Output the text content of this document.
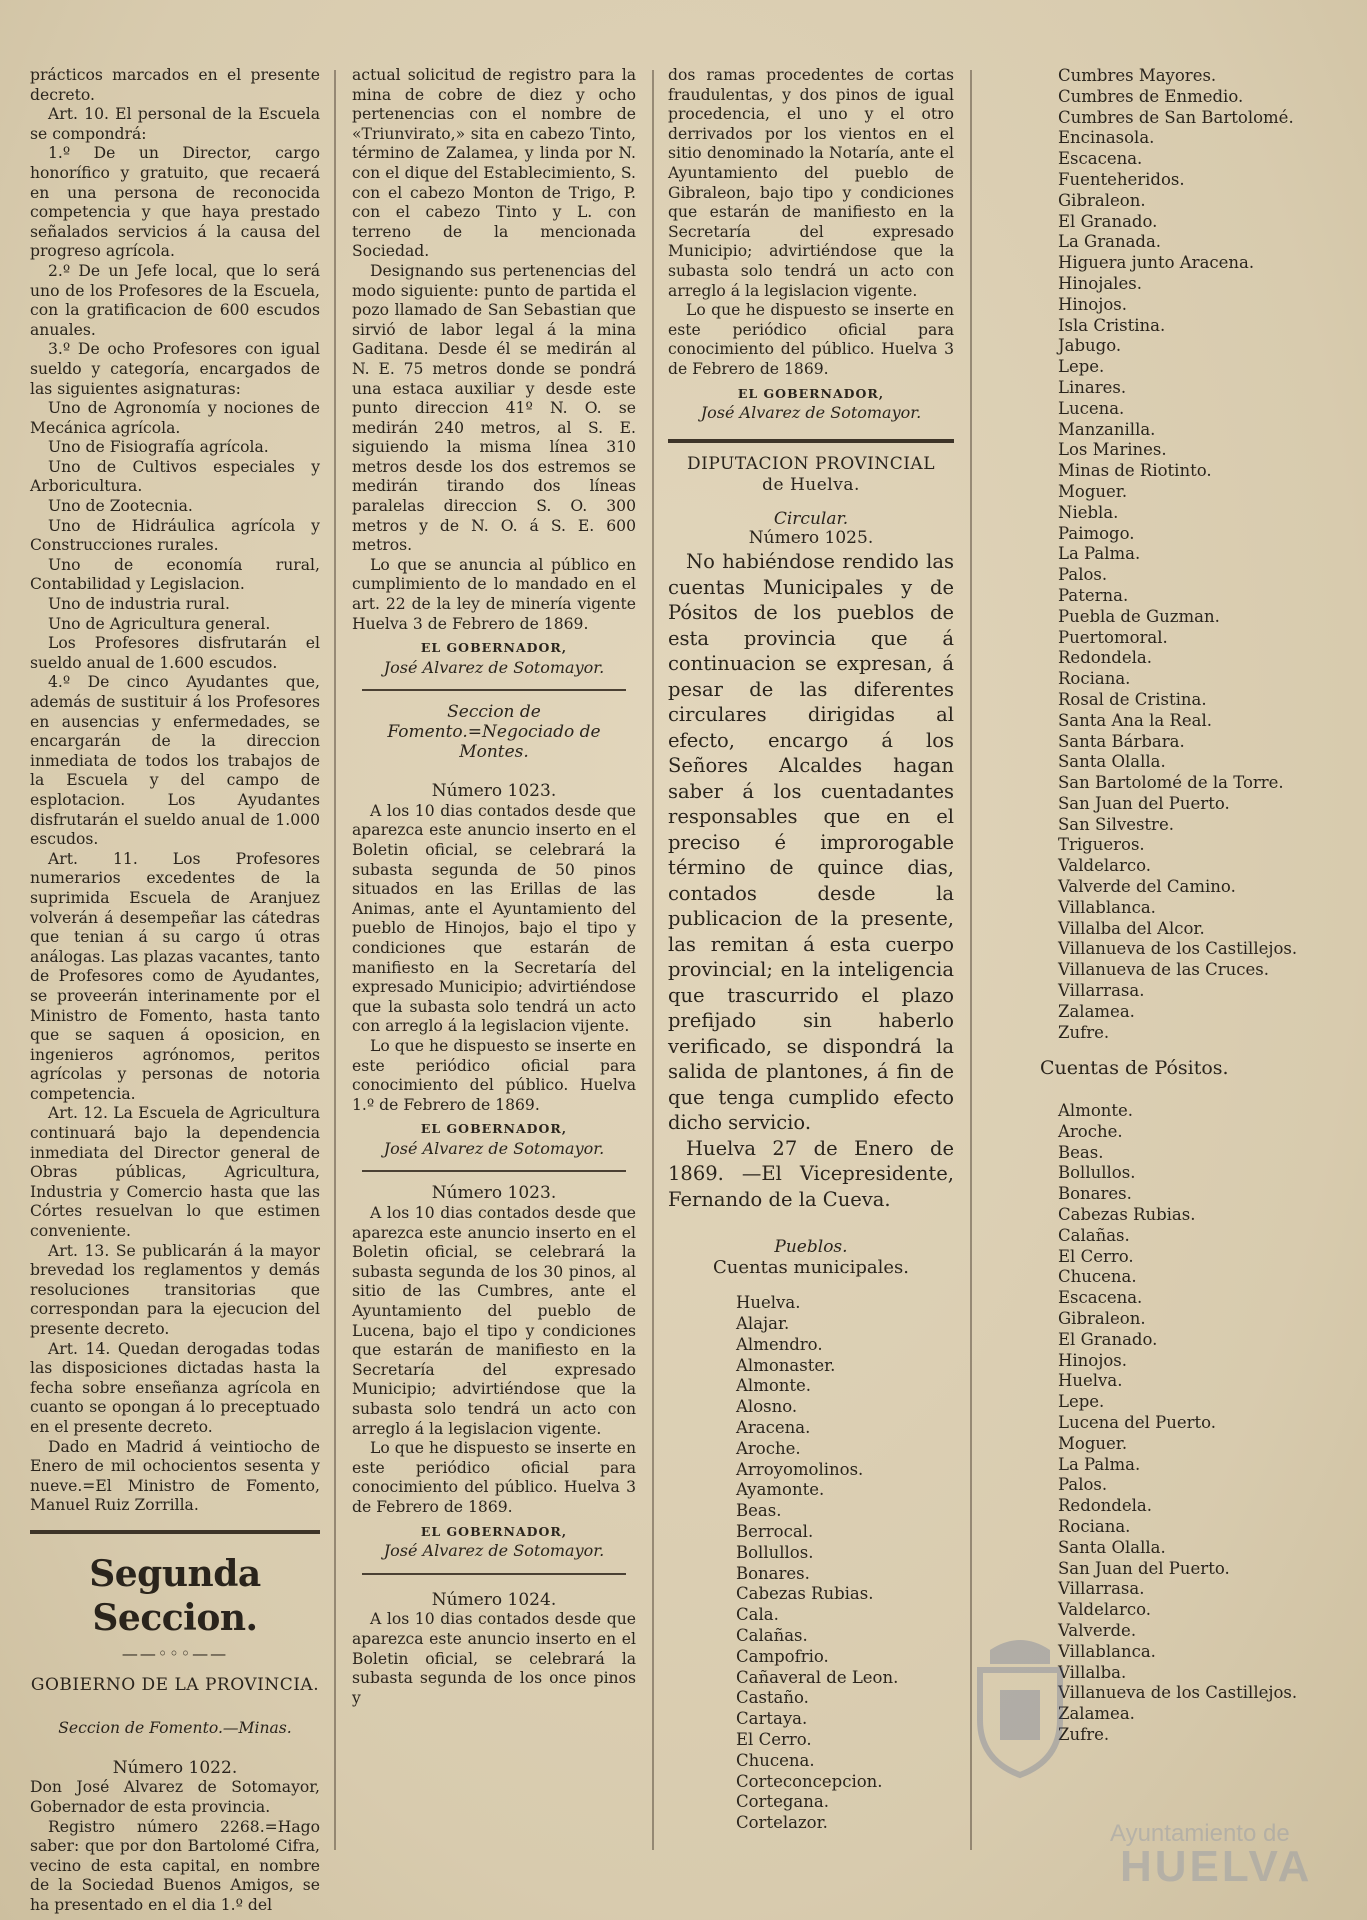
prácticos marcados en el presente decreto.

Art. 10. El personal de la Escuela se compondrá:

1.º De un Director, cargo honorífico y gratuito, que recaerá en una persona de reconocida competencia y que haya prestado señalados servicios á la causa del progreso agrícola.

2.º De un Jefe local, que lo será uno de los Profesores de la Escuela, con la gratificacion de 600 escudos anuales.

3.º De ocho Profesores con igual sueldo y categoría, encargados de las siguientes asignaturas:

Uno de Agronomía y nociones de Mecánica agrícola.

Uno de Fisiografía agrícola.

Uno de Cultivos especiales y Arboricultura.

Uno de Zootecnia.

Uno de Hidráulica agrícola y Construcciones rurales.

Uno de economía rural, Contabilidad y Legislacion.

Uno de industria rural.

Uno de Agricultura general.

Los Profesores disfrutarán el sueldo anual de 1.600 escudos.

4.º De cinco Ayudantes que, además de sustituir á los Profesores en ausencias y enfermedades, se encargarán de la direccion inmediata de todos los trabajos de la Escuela y del campo de esplotacion. Los Ayudantes disfrutarán el sueldo anual de 1.000 escudos.

Art. 11. Los Profesores numerarios excedentes de la suprimida Escuela de Aranjuez volverán á desempeñar las cátedras que tenian á su cargo ú otras análogas. Las plazas vacantes, tanto de Profesores como de Ayudantes, se proveerán interinamente por el Ministro de Fomento, hasta tanto que se saquen á oposicion, en ingenieros agrónomos, peritos agrícolas y personas de notoria competencia.

Art. 12. La Escuela de Agricultura continuará bajo la dependencia inmediata del Director general de Obras públicas, Agricultura, Industria y Comercio hasta que las Córtes resuelvan lo que estimen conveniente.

Art. 13. Se publicarán á la mayor brevedad los reglamentos y demás resoluciones transitorias que correspondan para la ejecucion del presente decreto.

Art. 14. Quedan derogadas todas las disposiciones dictadas hasta la fecha sobre enseñanza agrícola en cuanto se opongan á lo preceptuado en el presente decreto.

Dado en Madrid á veintiocho de Enero de mil ochocientos sesenta y nueve.=El Ministro de Fomento, Manuel Ruiz Zorrilla.

Segunda Seccion.
——◦◦◦——
GOBIERNO DE LA PROVINCIA.

Seccion de Fomento.—Minas.

Número 1022.

Don José Alvarez de Sotomayor, Gobernador de esta provincia.

Registro número 2268.=Hago saber: que por don Bartolomé Cifra, vecino de esta capital, en nombre de la Sociedad Buenos Amigos, se ha presentado en el dia 1.º del

actual solicitud de registro para la mina de cobre de diez y ocho pertenencias con el nombre de «Triunvirato,» sita en cabezo Tinto, término de Zalamea, y linda por N. con el dique del Establecimiento, S. con el cabezo Monton de Trigo, P. con el cabezo Tinto y L. con terreno de la mencionada Sociedad.

Designando sus pertenencias del modo siguiente: punto de partida el pozo llamado de San Sebastian que sirvió de labor legal á la mina Gaditana. Desde él se medirán al N. E. 75 metros donde se pondrá una estaca auxiliar y desde este punto direccion 41º N. O. se medirán 240 metros, al S. E. siguiendo la misma línea 310 metros desde los dos estremos se medirán tirando dos líneas paralelas direccion S. O. 300 metros y de N. O. á S. E. 600 metros.

Lo que se anuncia al público en cumplimiento de lo mandado en el art. 22 de la ley de minería vigente Huelva 3 de Febrero de 1869.

EL GOBERNADOR,

José Alvarez de Sotomayor.

Seccion de Fomento.=Negociado de Montes.

Número 1023.

A los 10 dias contados desde que aparezca este anuncio inserto en el Boletin oficial, se celebrará la subasta segunda de 50 pinos situados en las Erillas de las Animas, ante el Ayuntamiento del pueblo de Hinojos, bajo el tipo y condiciones que estarán de manifiesto en la Secretaría del expresado Municipio; advirtiéndose que la subasta solo tendrá un acto con arreglo á la legislacion vijente.

Lo que he dispuesto se inserte en este periódico oficial para conocimiento del público. Huelva 1.º de Febrero de 1869.

EL GOBERNADOR,

José Alvarez de Sotomayor.

Número 1023.

A los 10 dias contados desde que aparezca este anuncio inserto en el Boletin oficial, se celebrará la subasta segunda de los 30 pinos, al sitio de las Cumbres, ante el Ayuntamiento del pueblo de Lucena, bajo el tipo y condiciones que estarán de manifiesto en la Secretaría del expresado Municipio; advirtiéndose que la subasta solo tendrá un acto con arreglo á la legislacion vigente.

Lo que he dispuesto se inserte en este periódico oficial para conocimiento del público. Huelva 3 de Febrero de 1869.

EL GOBERNADOR,

José Alvarez de Sotomayor.

Número 1024.

A los 10 dias contados desde que aparezca este anuncio inserto en el Boletin oficial, se celebrará la subasta segunda de los once pinos y

dos ramas procedentes de cortas fraudulentas, y dos pinos de igual procedencia, el uno y el otro derrivados por los vientos en el sitio denominado la Notaría, ante el Ayuntamiento del pueblo de Gibraleon, bajo tipo y condiciones que estarán de manifiesto en la Secretaría del expresado Municipio; advirtiéndose que la subasta solo tendrá un acto con arreglo á la legislacion vigente.

Lo que he dispuesto se inserte en este periódico oficial para conocimiento del público. Huelva 3 de Febrero de 1869.

EL GOBERNADOR,

José Alvarez de Sotomayor.

DIPUTACION PROVINCIAL
de Huelva.

Circular.

Número 1025.

No habiéndose rendido las cuentas Municipales y de Pósitos de los pueblos de esta provincia que á continuacion se expresan, á pesar de las diferentes circulares dirigidas al efecto, encargo á los Señores Alcaldes hagan saber á los cuentadantes responsables que en el preciso é improrogable término de quince dias, contados desde la publicacion de la presente, las remitan á esta cuerpo provincial; en la inteligencia que trascurrido el plazo prefijado sin haberlo verificado, se dispondrá la salida de plantones, á fin de que tenga cumplido efecto dicho servicio.

Huelva 27 de Enero de 1869. —El Vicepresidente, Fernando de la Cueva.

Pueblos.

Cuentas municipales.

Huelva.
Alajar.
Almendro.
Almonaster.
Almonte.
Alosno.
Aracena.
Aroche.
Arroyomolinos.
Ayamonte.
Beas.
Berrocal.
Bollullos.
Bonares.
Cabezas Rubias.
Cala.
Calañas.
Campofrio.
Cañaveral de Leon.
Castaño.
Cartaya.
El Cerro.
Chucena.
Corteconcepcion.
Cortegana.
Cortelazor.
Cumbres Mayores.
Cumbres de Enmedio.
Cumbres de San Bartolomé.
Encinasola.
Escacena.
Fuenteheridos.
Gibraleon.
El Granado.
La Granada.
Higuera junto Aracena.
Hinojales.
Hinojos.
Isla Cristina.
Jabugo.
Lepe.
Linares.
Lucena.
Manzanilla.
Los Marines.
Minas de Riotinto.
Moguer.
Niebla.
Paimogo.
La Palma.
Palos.
Paterna.
Puebla de Guzman.
Puertomoral.
Redondela.
Rociana.
Rosal de Cristina.
Santa Ana la Real.
Santa Bárbara.
Santa Olalla.
San Bartolomé de la Torre.
San Juan del Puerto.
San Silvestre.
Trigueros.
Valdelarco.
Valverde del Camino.
Villablanca.
Villalba del Alcor.
Villanueva de los Castillejos.
Villanueva de las Cruces.
Villarrasa.
Zalamea.
Zufre.

Cuentas de Pósitos.

Almonte.
Aroche.
Beas.
Bollullos.
Bonares.
Cabezas Rubias.
Calañas.
El Cerro.
Chucena.
Escacena.
Gibraleon.
El Granado.
Hinojos.
Huelva.
Lepe.
Lucena del Puerto.
Moguer.
La Palma.
Palos.
Redondela.
Rociana.
Santa Olalla.
San Juan del Puerto.
Villarrasa.
Valdelarco.
Valverde.
Villablanca.
Villalba.
Villanueva de los Castillejos.
Zalamea.
Zufre.
Ayuntamiento de
HUELVA
